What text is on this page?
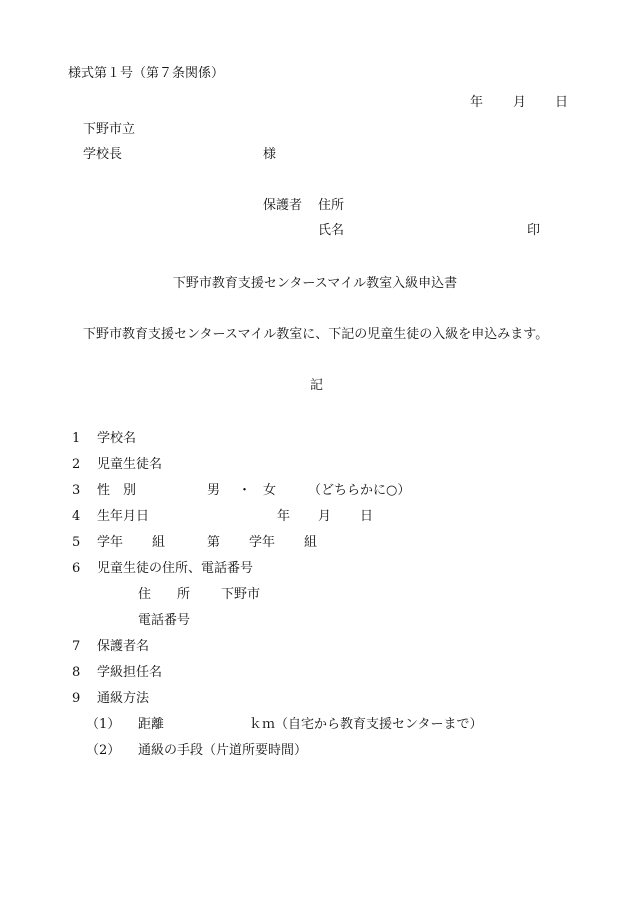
様式第１号（第７条関係）
年 月 日
下野市立
学校長	様
保護者 住所
氏名	印
下野市教育支援センタースマイル教室入級申込書
下野市教育支援センタースマイル教室に、下記の児童生徒の入級を申込みます。
記
1 学校名
2 児童生徒名
3 性　別	男 ・ 女 （どちらかに○）
4 生年月日	年 月 日
5 学年 組	第 学年 組
6 児童生徒の住所、電話番号
住　　所 下野市
電話番号
7 保護者名
8 学級担任名
9 通級方法
（1） 距離	ｋｍ（自宅から教育支援センターまで）
（2） 通級の手段（片道所要時間）
